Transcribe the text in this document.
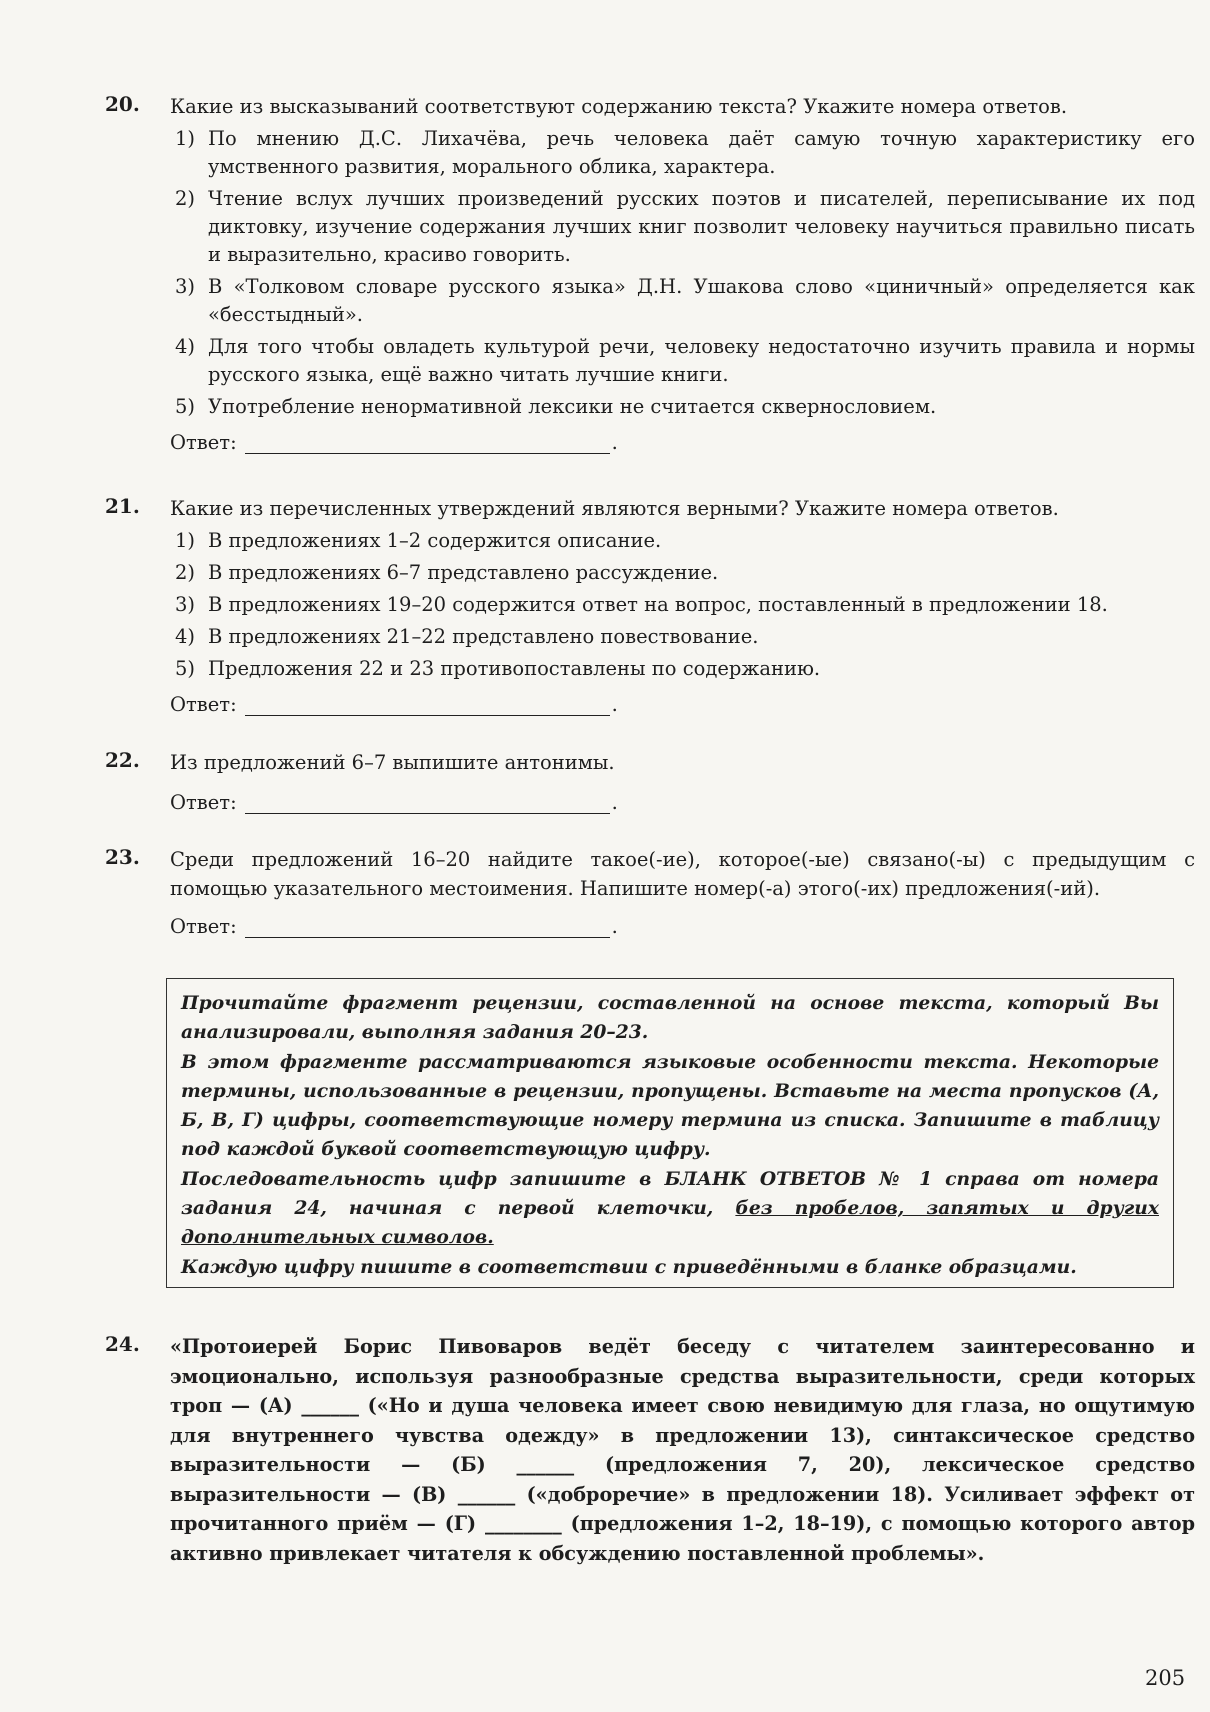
20. Какие из высказываний соответствуют содержанию текста? Укажите номера ответов.
1) По мнению Д.С. Лихачёва, речь человека даёт самую точную характеристику его умственного развития, морального облика, характера.
2) Чтение вслух лучших произведений русских поэтов и писателей, переписывание их под диктовку, изучение содержания лучших книг позволит человеку научиться правильно писать и выразительно, красиво говорить.
3) В «Толковом словаре русского языка» Д.Н. Ушакова слово «циничный» определяется как «бесстыдный».
4) Для того чтобы овладеть культурой речи, человеку недостаточно изучить правила и нормы русского языка, ещё важно читать лучшие книги.
5) Употребление ненормативной лексики не считается сквернословием.
Ответ:	.
21. Какие из перечисленных утверждений являются верными? Укажите номера ответов.
1) В предложениях 1–2 содержится описание.
2) В предложениях 6–7 представлено рассуждение.
3) В предложениях 19–20 содержится ответ на вопрос, поставленный в предложении 18.
4) В предложениях 21–22 представлено повествование.
5) Предложения 22 и 23 противопоставлены по содержанию.
Ответ:	.
22. Из предложений 6–7 выпишите антонимы.
Ответ:	.
23. Среди предложений 16–20 найдите такое(-ие), которое(-ые) связано(-ы) с предыдущим с помощью указательного местоимения. Напишите номер(-а) этого(-их) предложения(-ий).
Ответ:	.

Прочитайте фрагмент рецензии, составленной на основе текста, который Вы анализировали, выполняя задания 20–23.

В этом фрагменте рассматриваются языковые особенности текста. Некоторые термины, использованные в рецензии, пропущены. Вставьте на места пропусков (А, Б, В, Г) цифры, соответствующие номеру термина из списка. Запишите в таблицу под каждой буквой соответствующую цифру.

Последовательность цифр запишите в БЛАНК ОТВЕТОВ № 1 справа от номера задания 24, начиная с первой клеточки, без пробелов, запятых и других дополнительных символов.

Каждую цифру пишите в соответствии с приведёнными в бланке образцами.

24. «Протоиерей Борис Пивоваров ведёт беседу с читателем заинтересованно и эмоционально, используя разнообразные средства выразительности, среди которых троп — (А) ______ («Но и душа человека имеет свою невидимую для глаза, но ощутимую для внутреннего чувства одежду» в предложении 13), синтаксическое средство выразительности — (Б) ______ (предложения 7, 20), лексическое средство выразительности — (В) ______ («доброречие» в предложении 18). Усиливает эффект от прочитанного приём — (Г) ________ (предложения 1–2, 18–19), с помощью которого автор активно привлекает читателя к обсуждению поставленной проблемы».
205
